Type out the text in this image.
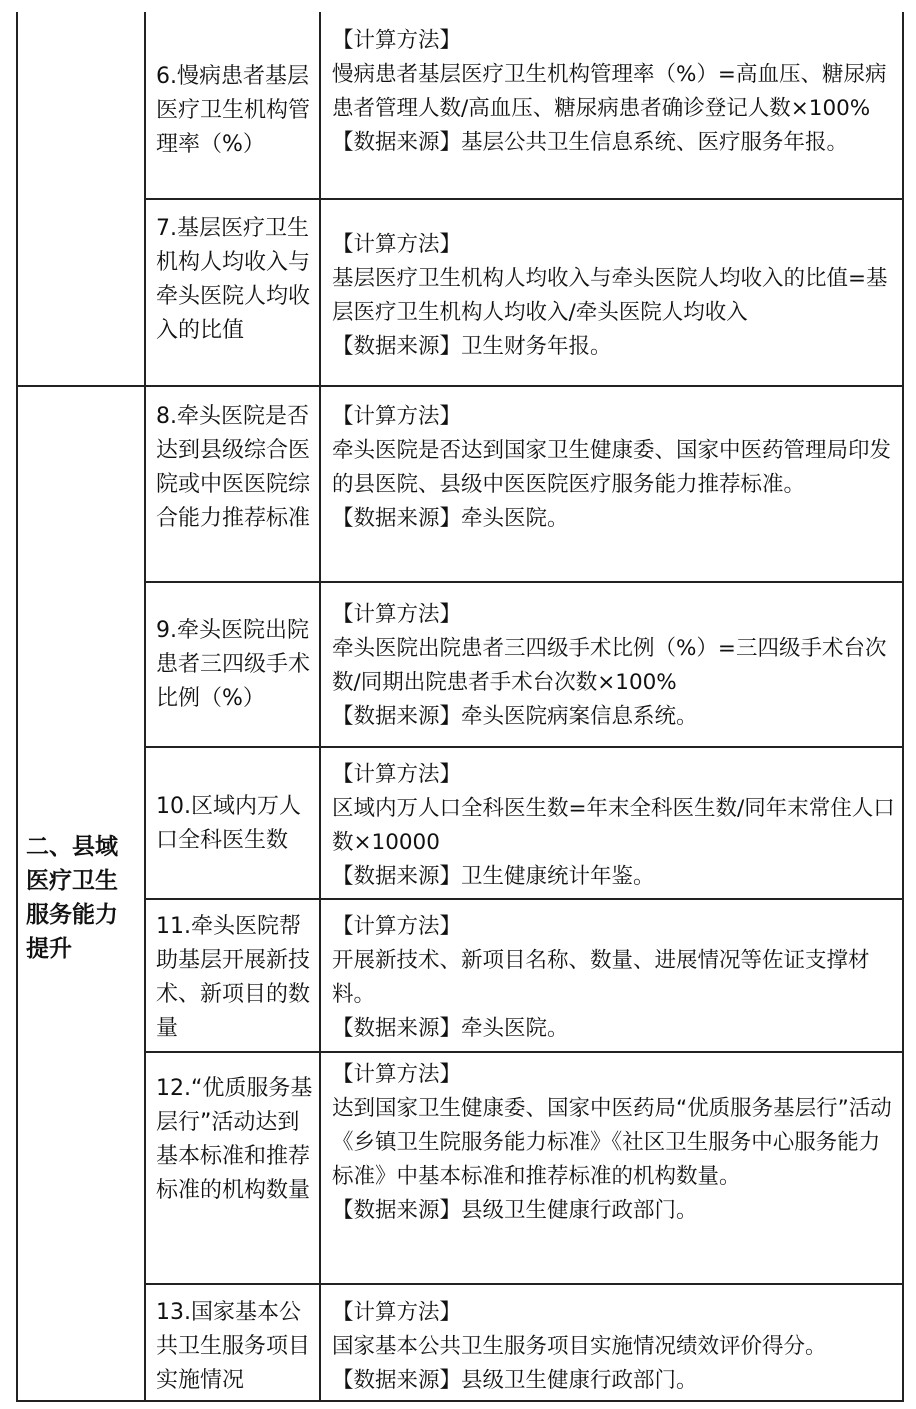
二、县域医疗卫生服务能力提升
6.慢病患者基层医疗卫生机构管理率（%）

【计算方法】

慢病患者基层医疗卫生机构管理率（%）=高血压、糖尿病患者管理人数/高血压、糖尿病患者确诊登记人数×100%

【数据来源】基层公共卫生信息系统、医疗服务年报。

7.基层医疗卫生机构人均收入与牵头医院人均收入的比值

【计算方法】

基层医疗卫生机构人均收入与牵头医院人均收入的比值=基层医疗卫生机构人均收入/牵头医院人均收入

【数据来源】卫生财务年报。

8.牵头医院是否达到县级综合医院或中医医院综合能力推荐标准

【计算方法】

牵头医院是否达到国家卫生健康委、国家中医药管理局印发的县医院、县级中医医院医疗服务能力推荐标准。

【数据来源】牵头医院。

9.牵头医院出院患者三四级手术比例（%）

【计算方法】

牵头医院出院患者三四级手术比例（%）=三四级手术台次数/同期出院患者手术台次数×100%

【数据来源】牵头医院病案信息系统。

10.区域内万人口全科医生数

【计算方法】

区域内万人口全科医生数=年末全科医生数/同年末常住人口数×10000

【数据来源】卫生健康统计年鉴。

11.牵头医院帮助基层开展新技术、新项目的数量

【计算方法】

开展新技术、新项目名称、数量、进展情况等佐证支撑材料。

【数据来源】牵头医院。

12.“优质服务基层行”活动达到基本标准和推荐标准的机构数量

【计算方法】

达到国家卫生健康委、国家中医药局“优质服务基层行”活动《乡镇卫生院服务能力标准》《社区卫生服务中心服务能力标准》中基本标准和推荐标准的机构数量。

【数据来源】县级卫生健康行政部门。

13.国家基本公共卫生服务项目实施情况

【计算方法】

国家基本公共卫生服务项目实施情况绩效评价得分。

【数据来源】县级卫生健康行政部门。
